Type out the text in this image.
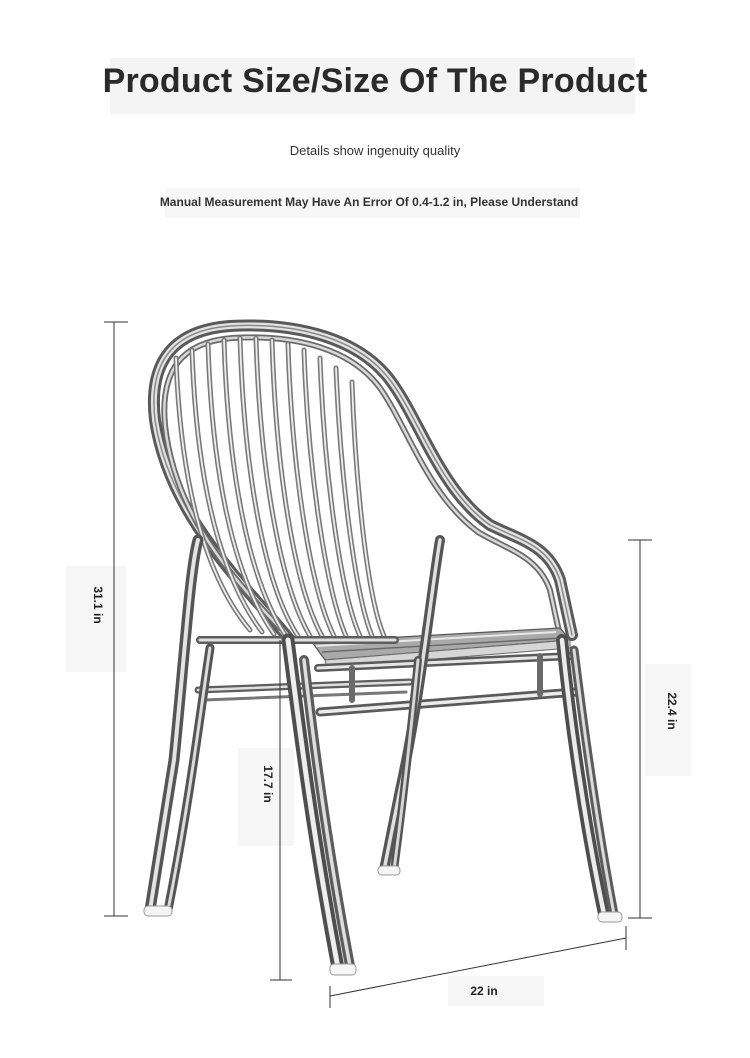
Product Size/Size Of The Product
Details show ingenuity quality
Manual Measurement May Have An Error Of 0.4-1.2 in, Please Understand
31.1 in
17.7 in
22.4 in
22 in
